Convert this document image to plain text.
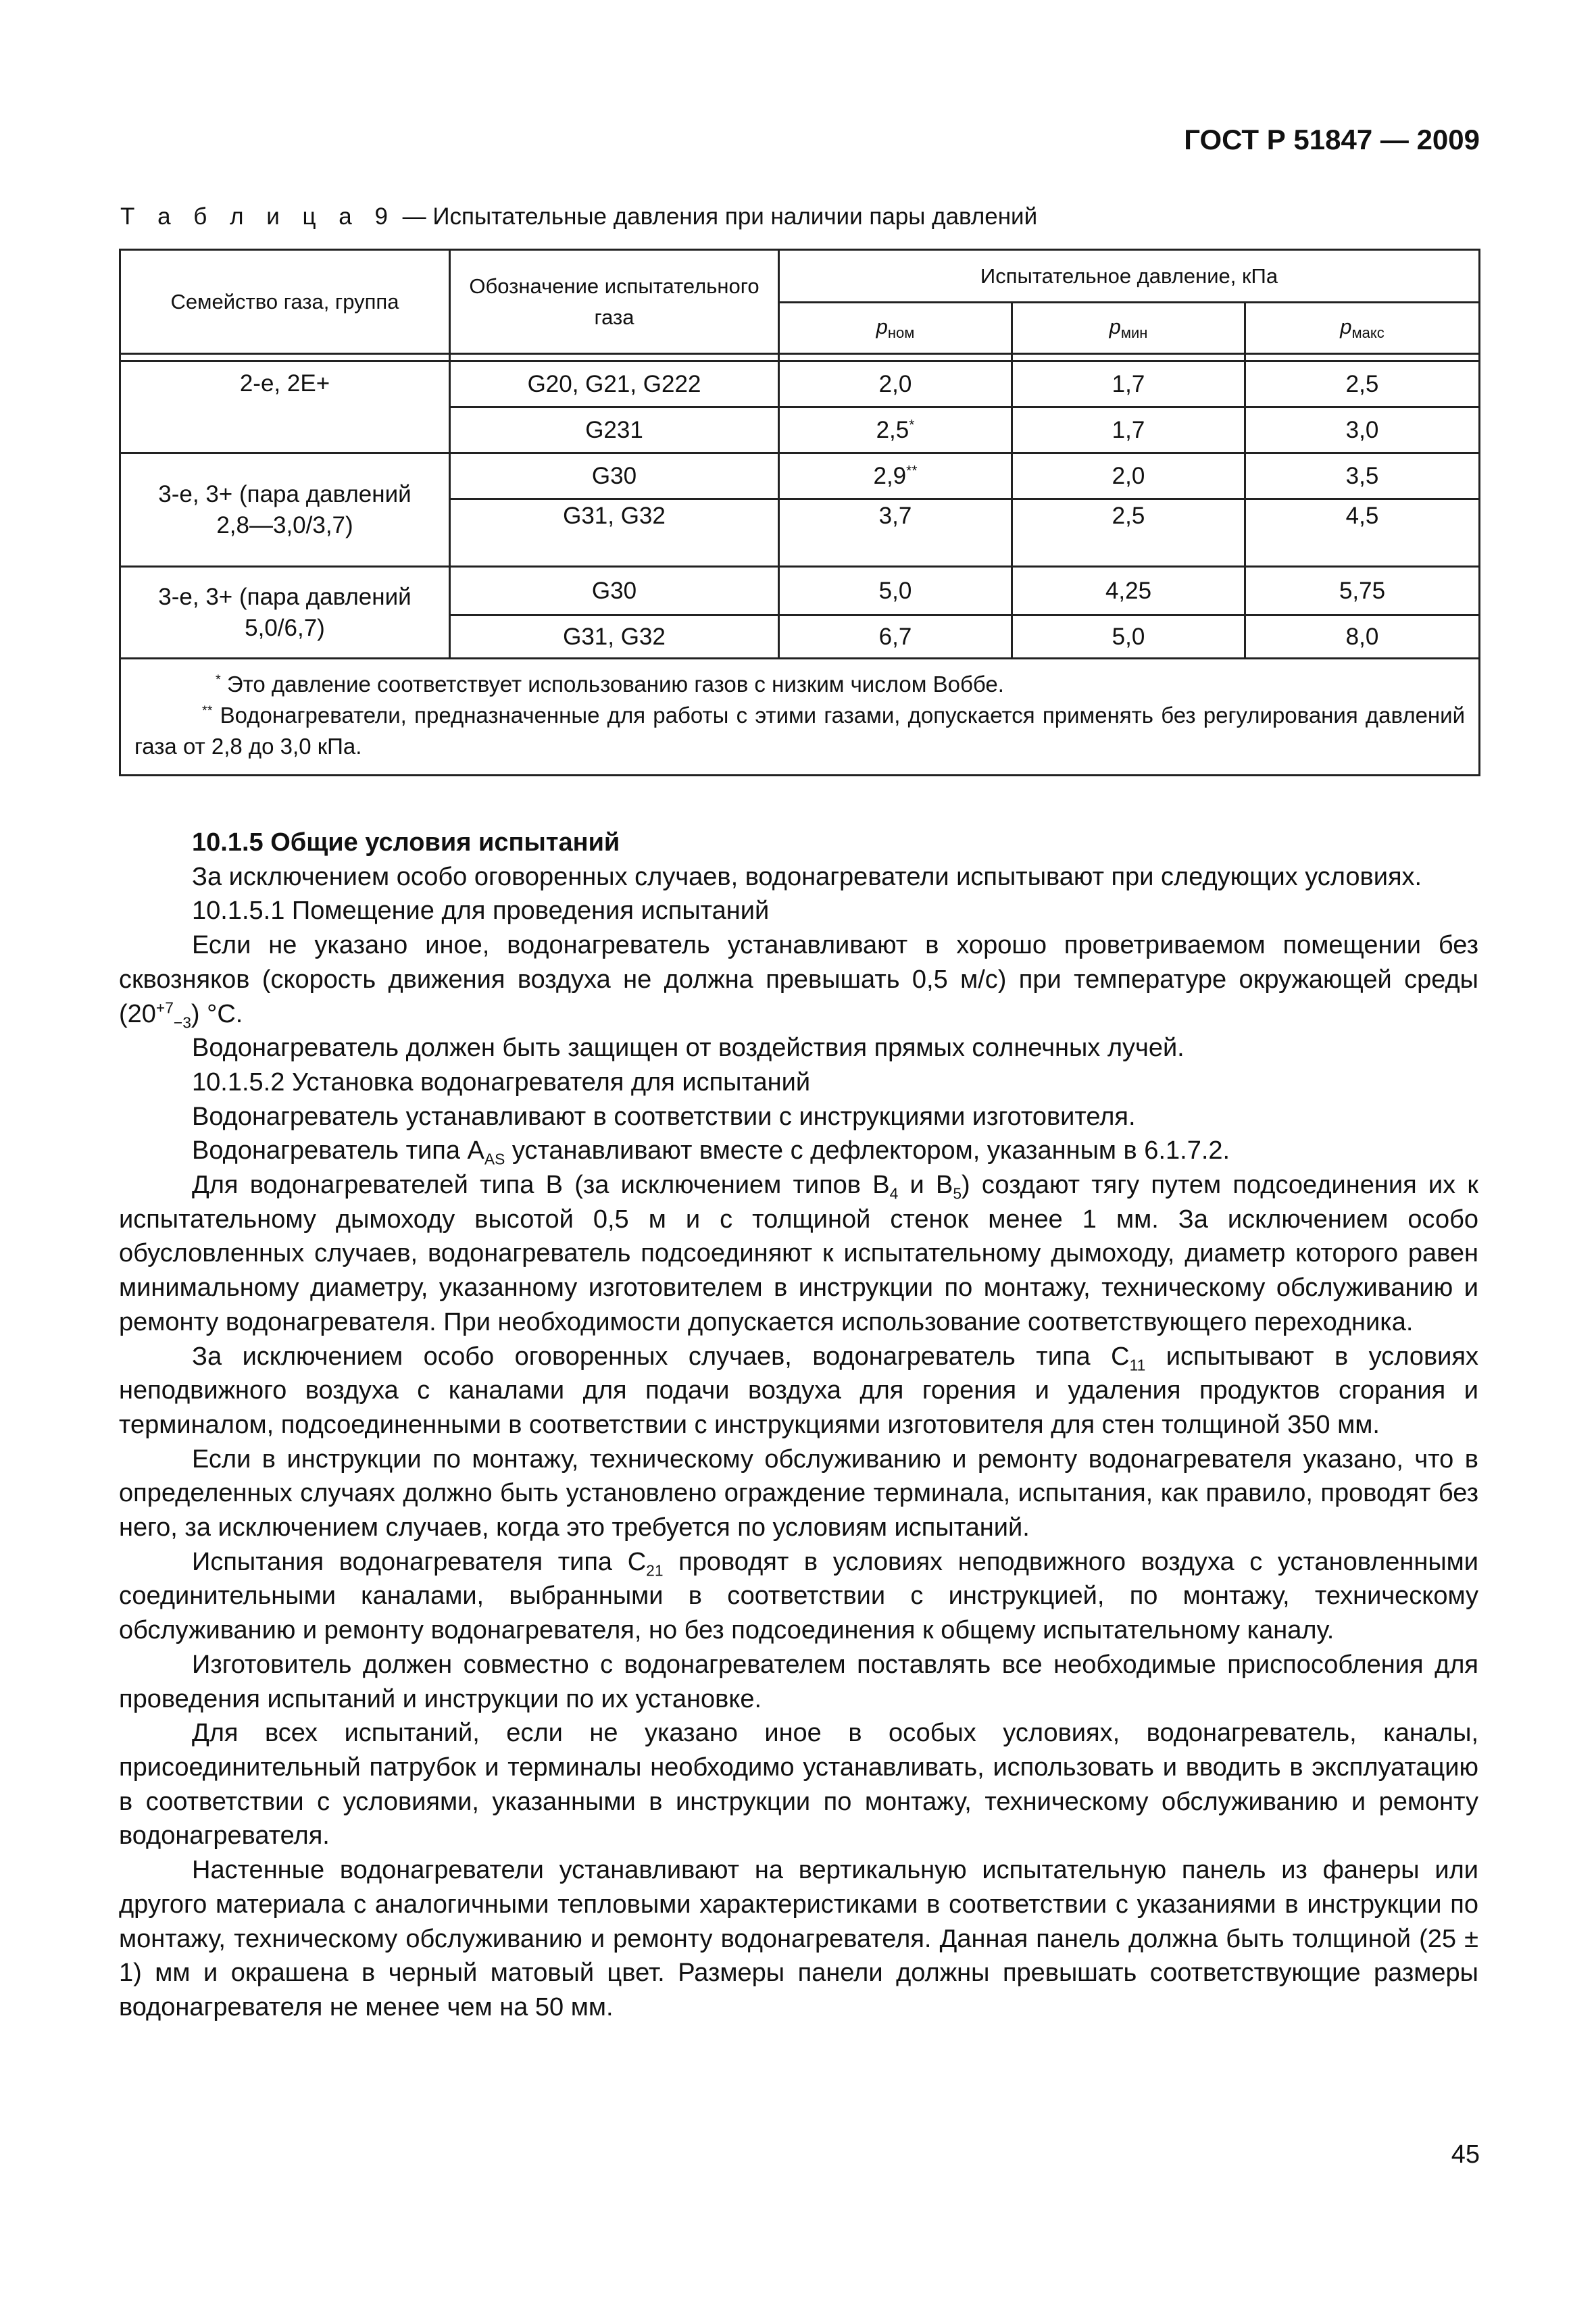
ГОСТ Р 51847 — 2009
Т а б л и ц а 9 — Испытательные давления при наличии пары давлений
Семейство газа, группа	Обозначение испытательного газа	Испытательное давление, кПа		
		$p_{ном}$	$p_{мин}$	$p_{макс}$

2-е, 2Е+	G20, G21, G222	2,0	1,7	2,5
	G231	2,5*	1,7	3,0
3-е, 3+ (пара давлений 2,8—3,0/3,7)	G30	2,9**	2,0	3,5
	G31, G32	3,7	2,5	4,5
3-е, 3+ (пара давлений 5,0/6,7)	G30	5,0	4,25	5,75
	G31, G32	6,7	5,0	8,0

* Это давление соответствует использованию газов с низким числом Воббе.
** Водонагреватели, предназначенные для работы с этими газами, допускается применять без регулирования давлений газа от 2,8 до 3,0 кПа.				

10.1.5 Общие условия испытаний

За исключением особо оговоренных случаев, водонагреватели испытывают при следующих условиях.

10.1.5.1 Помещение для проведения испытаний

Если не указано иное, водонагреватель устанавливают в хорошо проветриваемом помещении без сквозняков (скорость движения воздуха не должна превышать 0,5 м/с) при температуре окружающей среды $(20^{+7}_{-3})$ °С.

Водонагреватель должен быть защищен от воздействия прямых солнечных лучей.

10.1.5.2 Установка водонагревателя для испытаний

Водонагреватель устанавливают в соответствии с инструкциями изготовителя.

Водонагреватель типа $А_{AS}$ устанавливают вместе с дефлектором, указанным в 6.1.7.2.

Для водонагревателей типа В (за исключением типов $В_4$ и $В_5$) создают тягу путем подсоединения их к испытательному дымоходу высотой 0,5 м и с толщиной стенок менее 1 мм. За исключением особо обусловленных случаев, водонагреватель подсоединяют к испытательному дымоходу, диаметр которого равен минимальному диаметру, указанному изготовителем в инструкции по монтажу, техническому обслуживанию и ремонту водонагревателя. При необходимости допускается использование соответствующего переходника.

За исключением особо оговоренных случаев, водонагреватель типа $С_{11}$ испытывают в условиях неподвижного воздуха с каналами для подачи воздуха для горения и удаления продуктов сгорания и терминалом, подсоединенными в соответствии с инструкциями изготовителя для стен толщиной 350 мм.

Если в инструкции по монтажу, техническому обслуживанию и ремонту водонагревателя указано, что в определенных случаях должно быть установлено ограждение терминала, испытания, как правило, проводят без него, за исключением случаев, когда это требуется по условиям испытаний.

Испытания водонагревателя типа $С_{21}$ проводят в условиях неподвижного воздуха с установленными соединительными каналами, выбранными в соответствии с инструкцией, по монтажу, техническому обслуживанию и ремонту водонагревателя, но без подсоединения к общему испытательному каналу.

Изготовитель должен совместно с водонагревателем поставлять все необходимые приспособления для проведения испытаний и инструкции по их установке.

Для всех испытаний, если не указано иное в особых условиях, водонагреватель, каналы, присоединительный патрубок и терминалы необходимо устанавливать, использовать и вводить в эксплуатацию в соответствии с условиями, указанными в инструкции по монтажу, техническому обслуживанию и ремонту водонагревателя.

Настенные водонагреватели устанавливают на вертикальную испытательную панель из фанеры или другого материала с аналогичными тепловыми характеристиками в соответствии с указаниями в инструкции по монтажу, техническому обслуживанию и ремонту водонагревателя. Данная панель должна быть толщиной (25 ± 1) мм и окрашена в черный матовый цвет. Размеры панели должны превышать соответствующие размеры водонагревателя не менее чем на 50 мм.

45
